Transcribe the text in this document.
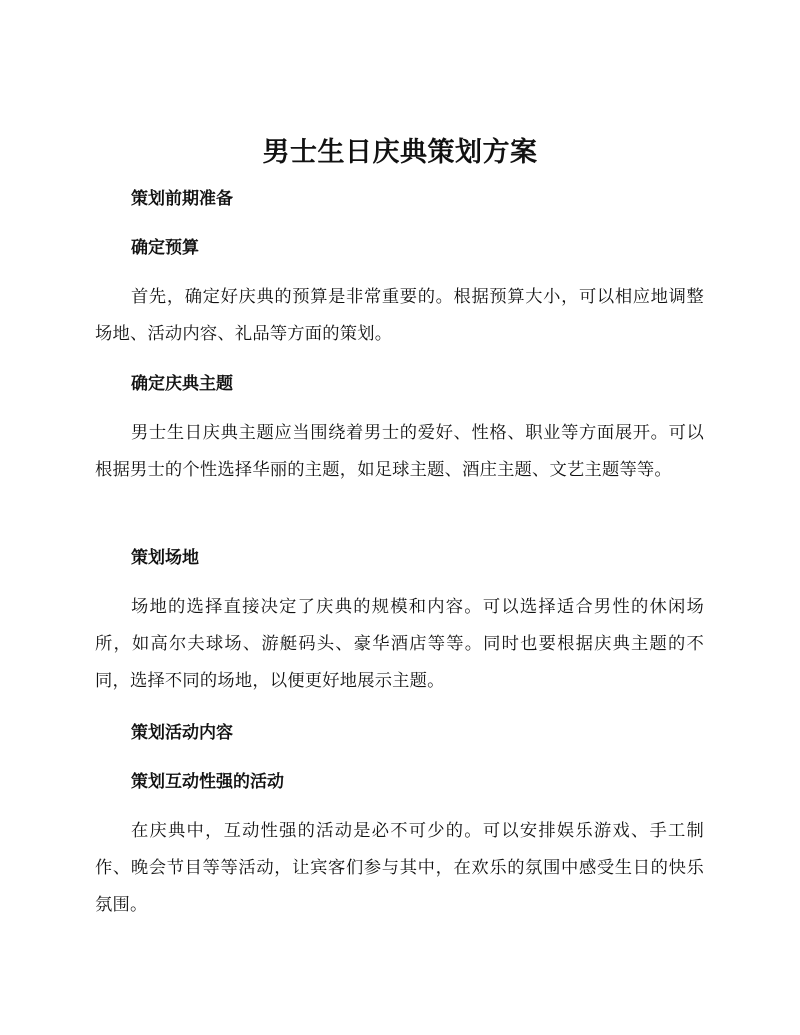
男士生日庆典策划方案
策划前期准备
确定预算
首先，确定好庆典的预算是非常重要的。根据预算大小，可以相应地调整场地、活动内容、礼品等方面的策划。
确定庆典主题
男士生日庆典主题应当围绕着男士的爱好、性格、职业等方面展开。可以根据男士的个性选择华丽的主题，如足球主题、酒庄主题、文艺主题等等。
策划场地
场地的选择直接决定了庆典的规模和内容。可以选择适合男性的休闲场所，如高尔夫球场、游艇码头、豪华酒店等等。同时也要根据庆典主题的不同，选择不同的场地，以便更好地展示主题。
策划活动内容
策划互动性强的活动
在庆典中，互动性强的活动是必不可少的。可以安排娱乐游戏、手工制作、晚会节目等等活动，让宾客们参与其中，在欢乐的氛围中感受生日的快乐氛围。
